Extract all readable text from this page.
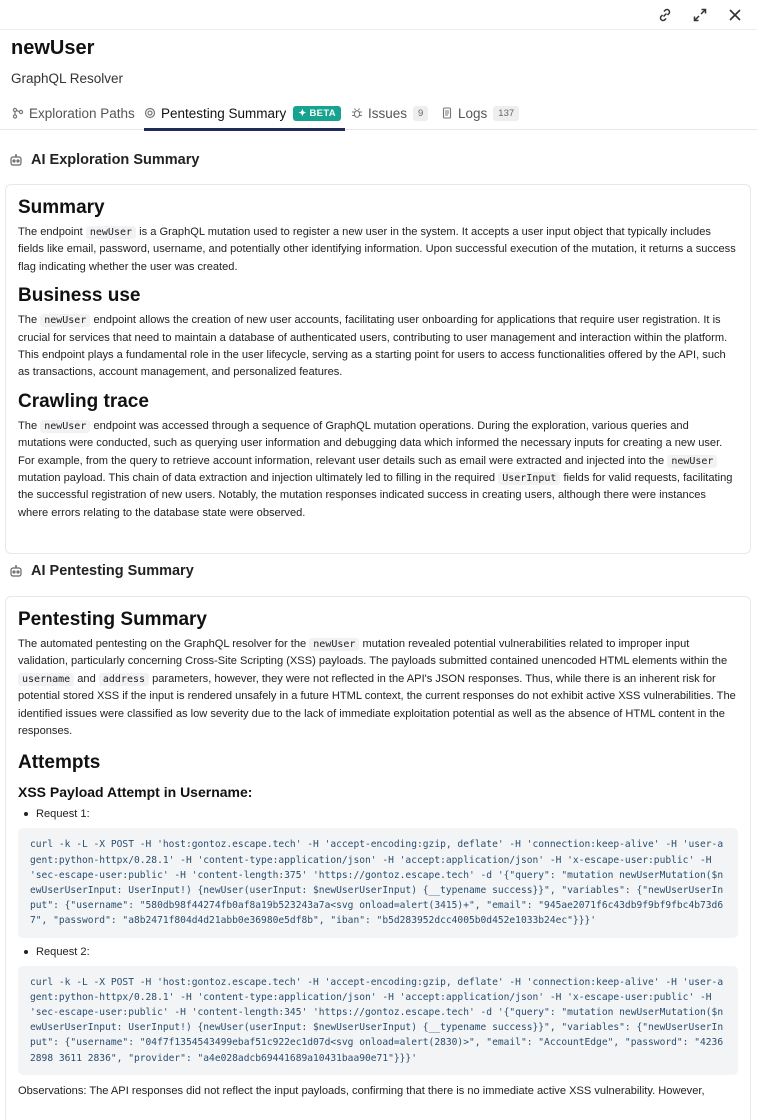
newUser
GraphQL Resolver
Exploration Paths Pentesting Summary	✦ BETA	Issues	9	Logs	137
AI Exploration Summary
Summary

The endpoint newUser is a GraphQL mutation used to register a new user in the system. It accepts a user input object that typically includes fields like email, password, username, and potentially other identifying information. Upon successful execution of the mutation, it returns a success flag indicating whether the user was created.

Business use

The newUser endpoint allows the creation of new user accounts, facilitating user onboarding for applications that require user registration. It is crucial for services that need to maintain a database of authenticated users, contributing to user management and interaction within the platform. This endpoint plays a fundamental role in the user lifecycle, serving as a starting point for users to access functionalities offered by the API, such as transactions, account management, and personalized features.

Crawling trace

The newUser endpoint was accessed through a sequence of GraphQL mutation operations. During the exploration, various queries and mutations were conducted, such as querying user information and debugging data which informed the necessary inputs for creating a new user. For example, from the query to retrieve account information, relevant user details such as email were extracted and injected into the newUser mutation payload. This chain of data extraction and injection ultimately led to filling in the required UserInput fields for valid requests, facilitating the successful registration of new users. Notably, the mutation responses indicated success in creating users, although there were instances where errors relating to the database state were observed.

AI Pentesting Summary
Pentesting Summary

The automated pentesting on the GraphQL resolver for the newUser mutation revealed potential vulnerabilities related to improper input validation, particularly concerning Cross-Site Scripting (XSS) payloads. The payloads submitted contained unencoded HTML elements within the username and address parameters, however, they were not reflected in the API's JSON responses. Thus, while there is an inherent risk for potential stored XSS if the input is rendered unsafely in a future HTML context, the current responses do not exhibit active XSS vulnerabilities. The identified issues were classified as low severity due to the lack of immediate exploitation potential as well as the absence of HTML content in the responses.

Attempts
XSS Payload Attempt in Username:
Request 1:
curl -k -L -X POST -H 'host:gontoz.escape.tech' -H 'accept-encoding:gzip, deflate' -H 'connection:keep-alive' -H 'user-agent:python-httpx/0.28.1' -H 'content-type:application/json' -H 'accept:application/json' -H 'x-escape-user:public' -H 'sec-escape-user:public' -H 'content-length:375' 'https://gontoz.escape.tech' -d '{"query": "mutation newUserMutation($newUserUserInput: UserInput!) {newUser(userInput: $newUserUserInput) {__typename success}}", "variables": {"newUserUserInput": {"username": "580db98f44274fb0af8a19b523243a7a<svg onload=alert(3415)+", "email": "945ae2071f6c43db9f9bf9fbc4b73d67", "password": "a8b2471f804d4d21abb0e36980e5df8b", "iban": "b5d283952dcc4005b0d452e1033b24ec"}}}'
Request 2:
curl -k -L -X POST -H 'host:gontoz.escape.tech' -H 'accept-encoding:gzip, deflate' -H 'connection:keep-alive' -H 'user-agent:python-httpx/0.28.1' -H 'content-type:application/json' -H 'accept:application/json' -H 'x-escape-user:public' -H 'sec-escape-user:public' -H 'content-length:345' 'https://gontoz.escape.tech' -d '{"query": "mutation newUserMutation($newUserUserInput: UserInput!) {newUser(userInput: $newUserUserInput) {__typename success}}", "variables": {"newUserUserInput": {"username": "04f7f1354543499ebaf51c922ec1d07d<svg onload=alert(2830)>", "email": "AccountEdge", "password": "4236 2898 3611 2836", "provider": "a4e028adcb69441689a10431baa90e71"}}}'

Observations: The API responses did not reflect the input payloads, confirming that there is no immediate active XSS vulnerability. However,
